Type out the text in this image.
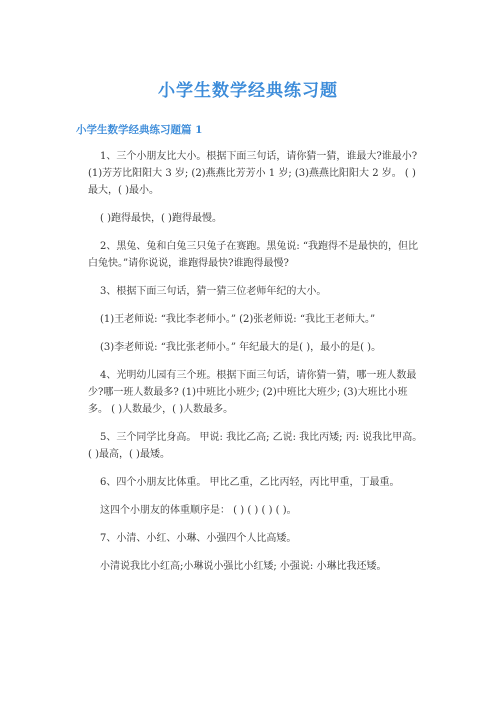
小学生数学经典练习题
小学生数学经典练习题篇 1

1、三个小朋友比大小。根据下面三句话，请你猜一猜，谁最大?谁最小? (1)芳芳比阳阳大 3 岁; (2)燕燕比芳芳小 1 岁; (3)燕燕比阳阳大 2 岁。 ( )最大，( )最小。

( )跑得最快，( )跑得最慢。

2、黑兔、兔和白兔三只兔子在赛跑。黑兔说: “我跑得不是最快的，但比白兔快。”请你说说，谁跑得最快?谁跑得最慢?

3、根据下面三句话，猜一猜三位老师年纪的大小。

(1)王老师说: “我比李老师小。” (2)张老师说: “我比王老师大。”

(3)李老师说: “我比张老师小。” 年纪最大的是( )，最小的是( )。

4、光明幼儿园有三个班。根据下面三句话，请你猜一猜，哪一班人数最少?哪一班人数最多? (1)中班比小班少; (2)中班比大班少; (3)大班比小班多。 ( )人数最少，( )人数最多。

5、三个同学比身高。 甲说: 我比乙高; 乙说: 我比丙矮; 丙: 说我比甲高。( )最高，( )最矮。

6、四个小朋友比体重。 甲比乙重，乙比丙轻，丙比甲重，丁最重。

这四个小朋友的体重顺序是： ( ) ( ) ( ) ( )。

7、小清、小红、小琳、小强四个人比高矮。

小清说我比小红高;小琳说小强比小红矮; 小强说: 小琳比我还矮。
